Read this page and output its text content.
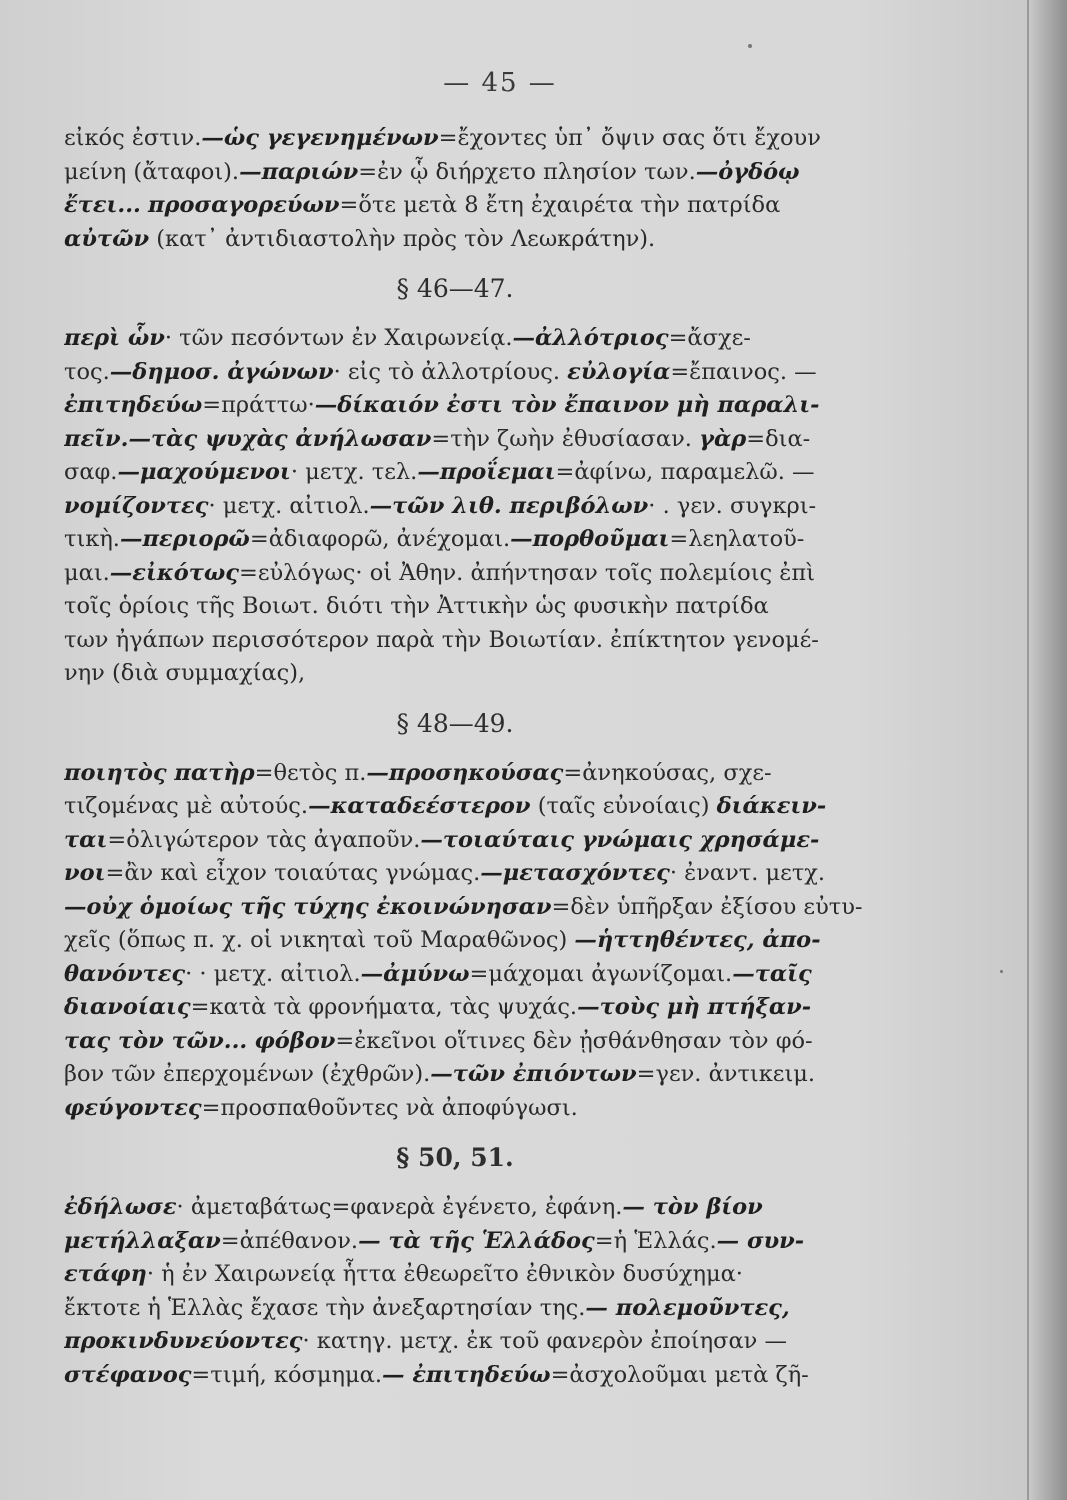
— 45 —
εἰκός ἐστιν.—ὡς γεγενημένων=ἔχοντες ὑπ᾿ ὄψιν σας ὅτι ἔχουν
μείνη (ἄταφοι).—παριών=ἐν ᾧ διήρχετο πλησίον των.—ὀγδόῳ
ἔτει... προσαγορεύων=ὅτε μετὰ 8 ἔτη ἐχαιρέτα τὴν πατρίδα
αὐτῶν (κατ᾿ ἀντιδιαστολὴν πρὸς τὸν Λεωκράτην).
§ 46—47.
περὶ ὧν· τῶν πεσόντων ἐν Χαιρωνείᾳ.—ἀλλότριος=ἄσχε-
τος.—δημοσ. ἀγώνων· εἰς τὸ ἀλλοτρίους. εὐλογία=ἔπαινος. —
ἐπιτηδεύω=πράττω·—δίκαιόν ἐστι τὸν ἔπαινον μὴ παραλι-
πεῖν.—τὰς ψυχὰς ἀνήλωσαν=τὴν ζωὴν ἐθυσίασαν. γὰρ=δια-
σαφ.—μαχούμενοι· μετχ. τελ.—προΐεμαι=ἀφίνω, παραμελῶ. —
νομίζοντες· μετχ. αἰτιολ.—τῶν λιθ. περιβόλων· . γεν. συγκρι-
τικὴ.—περιορῶ=ἀδιαφορῶ, ἀνέχομαι.—πορθοῦμαι=λεηλατοῦ-
μαι.—εἰκότως=εὐλόγως· οἱ Ἀθην. ἀπήντησαν τοῖς πολεμίοις ἐπὶ
τοῖς ὁρίοις τῆς Βοιωτ. διότι τὴν Ἀττικὴν ὡς φυσικὴν πατρίδα
των ἠγάπων περισσότερον παρὰ τὴν Βοιωτίαν. ἐπίκτητον γενομέ-
νην (διὰ συμμαχίας),
§ 48—49.
ποιητὸς πατὴρ=θετὸς π.—προσηκούσας=ἀνηκούσας, σχε-
τιζομένας μὲ αὐτούς.—καταδεέστερον (ταῖς εὐνοίαις) διάκειν-
ται=ὀλιγώτερον τὰς ἀγαποῦν.—τοιαύταις γνώμαις χρησάμε-
νοι=ἂν καὶ εἶχον τοιαύτας γνώμας.—μετασχόντες· ἐναντ. μετχ.
—οὐχ ὁμοίως τῆς τύχης ἐκοινώνησαν=δὲν ὑπῆρξαν ἐξίσου εὐτυ-
χεῖς (ὅπως π. χ. οἱ νικηταὶ τοῦ Μαραθῶνος) —ἡττηθέντες, ἀπο-
θανόντες· · μετχ. αἰτιολ.—ἀμύνω=μάχομαι ἀγωνίζομαι.—ταῖς
διανοίαις=κατὰ τὰ φρονήματα, τὰς ψυχάς.—τοὺς μὴ πτήξαν-
τας τὸν τῶν... φόβον=ἐκεῖνοι οἵτινες δὲν ᾐσθάνθησαν τὸν φό-
βον τῶν ἐπερχομένων (ἐχθρῶν).—τῶν ἐπιόντων=γεν. ἀντικειμ.
φεύγοντες=προσπαθοῦντες νὰ ἀποφύγωσι.
§ 50, 51.
ἐδήλωσε· ἀμεταβάτως=φανερὰ ἐγένετο, ἐφάνη.— τὸν βίον
μετήλλαξαν=ἀπέθανον.— τὰ τῆς Ἑλλάδος=ἡ Ἑλλάς.— συν-
ετάφη· ἡ ἐν Χαιρωνείᾳ ἧττα ἐθεωρεῖτο ἐθνικὸν δυσύχημα·
ἔκτοτε ἡ Ἑλλὰς ἔχασε τὴν ἀνεξαρτησίαν της.— πολεμοῦντες,
προκινδυνεύοντες· κατηγ. μετχ. ἐκ τοῦ φανερὸν ἐποίησαν —
στέφανος=τιμή, κόσμημα.— ἐπιτηδεύω=ἀσχολοῦμαι μετὰ ζῆ-
